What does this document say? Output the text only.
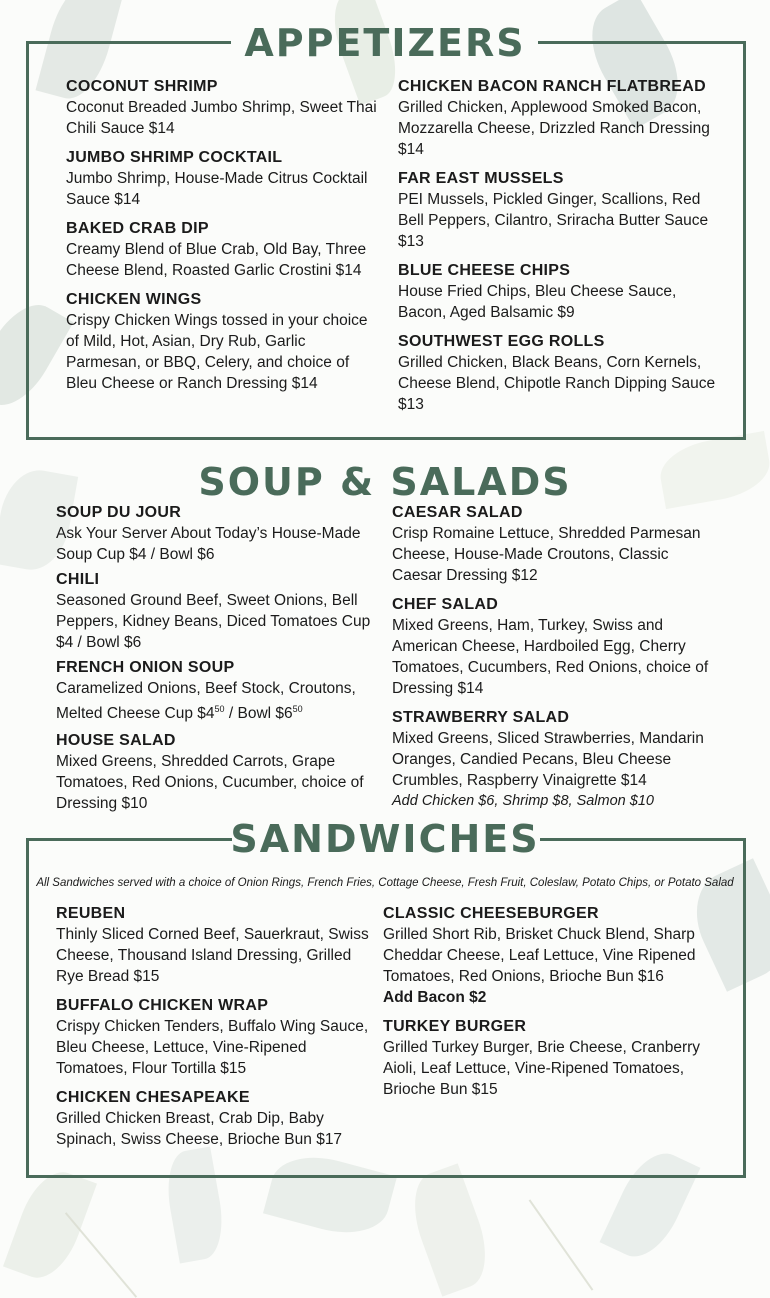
APPETIZERS
COCONUT SHRIMP
Coconut Breaded Jumbo Shrimp, Sweet Thai Chili Sauce $14
JUMBO SHRIMP COCKTAIL
Jumbo Shrimp, House-Made Citrus Cocktail Sauce $14
BAKED CRAB DIP
Creamy Blend of Blue Crab, Old Bay, Three Cheese Blend, Roasted Garlic Crostini $14
CHICKEN WINGS
Crispy Chicken Wings tossed in your choice of Mild, Hot, Asian, Dry Rub, Garlic Parmesan, or BBQ, Celery, and choice of Bleu Cheese or Ranch Dressing $14
CHICKEN BACON RANCH FLATBREAD
Grilled Chicken, Applewood Smoked Bacon, Mozzarella Cheese, Drizzled Ranch Dressing $14
FAR EAST MUSSELS
PEI Mussels, Pickled Ginger, Scallions, Red Bell Peppers, Cilantro, Sriracha Butter Sauce $13
BLUE CHEESE CHIPS
House Fried Chips, Bleu Cheese Sauce, Bacon, Aged Balsamic $9
SOUTHWEST EGG ROLLS
Grilled Chicken, Black Beans, Corn Kernels, Cheese Blend, Chipotle Ranch Dipping Sauce $13
SOUP & SALADS
SOUP DU JOUR
Ask Your Server About Today’s House-Made Soup Cup $4 / Bowl $6
CHILI
Seasoned Ground Beef, Sweet Onions, Bell Peppers, Kidney Beans, Diced Tomatoes Cup $4 / Bowl $6
FRENCH ONION SOUP
Caramelized Onions, Beef Stock, Croutons, Melted Cheese Cup $\$4^{50}$ / Bowl $\$6^{50}$
HOUSE SALAD
Mixed Greens, Shredded Carrots, Grape Tomatoes, Red Onions, Cucumber, choice of Dressing $10
CAESAR SALAD
Crisp Romaine Lettuce, Shredded Parmesan Cheese, House-Made Croutons, Classic Caesar Dressing $12
CHEF SALAD
Mixed Greens, Ham, Turkey, Swiss and American Cheese, Hardboiled Egg, Cherry Tomatoes, Cucumbers, Red Onions, choice of Dressing $14
STRAWBERRY SALAD
Mixed Greens, Sliced Strawberries, Mandarin Oranges, Candied Pecans, Bleu Cheese Crumbles, Raspberry Vinaigrette $14
Add Chicken $6, Shrimp $8, Salmon $10
SANDWICHES
All Sandwiches served with a choice of Onion Rings, French Fries, Cottage Cheese, Fresh Fruit, Coleslaw, Potato Chips, or Potato Salad
REUBEN
Thinly Sliced Corned Beef, Sauerkraut, Swiss Cheese, Thousand Island Dressing, Grilled Rye Bread $15
BUFFALO CHICKEN WRAP
Crispy Chicken Tenders, Buffalo Wing Sauce, Bleu Cheese, Lettuce, Vine-Ripened Tomatoes, Flour Tortilla $15
CHICKEN CHESAPEAKE
Grilled Chicken Breast, Crab Dip, Baby Spinach, Swiss Cheese, Brioche Bun $17
CLASSIC CHEESEBURGER
Grilled Short Rib, Brisket Chuck Blend, Sharp Cheddar Cheese, Leaf Lettuce, Vine Ripened Tomatoes, Red Onions, Brioche Bun $16
Add Bacon $2
TURKEY BURGER
Grilled Turkey Burger, Brie Cheese, Cranberry Aioli, Leaf Lettuce, Vine-Ripened Tomatoes, Brioche Bun $15
